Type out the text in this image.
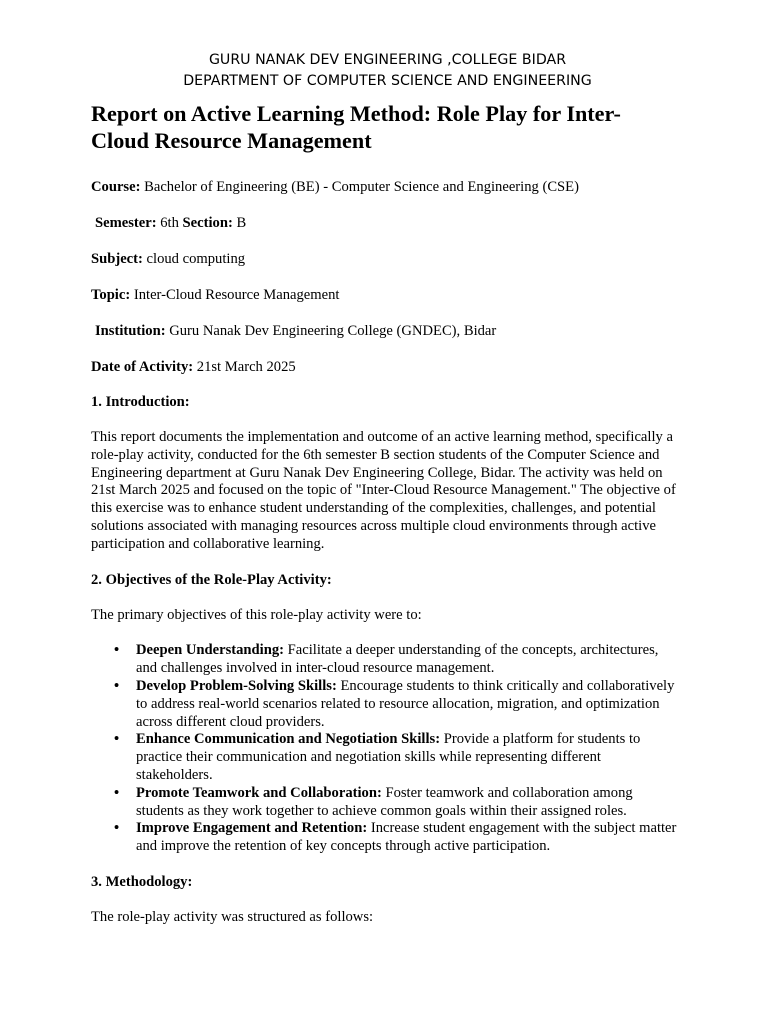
GURU NANAK DEV ENGINEERING ,COLLEGE BIDAR

DEPARTMENT OF COMPUTER SCIENCE AND ENGINEERING

Report on Active Learning Method: Role Play for Inter-Cloud Resource Management

Course: Bachelor of Engineering (BE) - Computer Science and Engineering (CSE)

Semester: 6th Section: B

Subject: cloud computing

Topic: Inter-Cloud Resource Management

Institution: Guru Nanak Dev Engineering College (GNDEC), Bidar

Date of Activity: 21st March 2025

1. Introduction:

This report documents the implementation and outcome of an active learning method, specifically a role-play activity, conducted for the 6th semester B section students of the Computer Science and Engineering department at Guru Nanak Dev Engineering College, Bidar. The activity was held on 21st March 2025 and focused on the topic of "Inter-Cloud Resource Management." The objective of this exercise was to enhance student understanding of the complexities, challenges, and potential solutions associated with managing resources across multiple cloud environments through active participation and collaborative learning.

2. Objectives of the Role-Play Activity:

The primary objectives of this role-play activity were to:

• Deepen Understanding: Facilitate a deeper understanding of the concepts, architectures, and challenges involved in inter-cloud resource management.
• Develop Problem-Solving Skills: Encourage students to think critically and collaboratively to address real-world scenarios related to resource allocation, migration, and optimization across different cloud providers.
• Enhance Communication and Negotiation Skills: Provide a platform for students to practice their communication and negotiation skills while representing different stakeholders.
• Promote Teamwork and Collaboration: Foster teamwork and collaboration among students as they work together to achieve common goals within their assigned roles.
• Improve Engagement and Retention: Increase student engagement with the subject matter and improve the retention of key concepts through active participation.

3. Methodology:

The role-play activity was structured as follows:
